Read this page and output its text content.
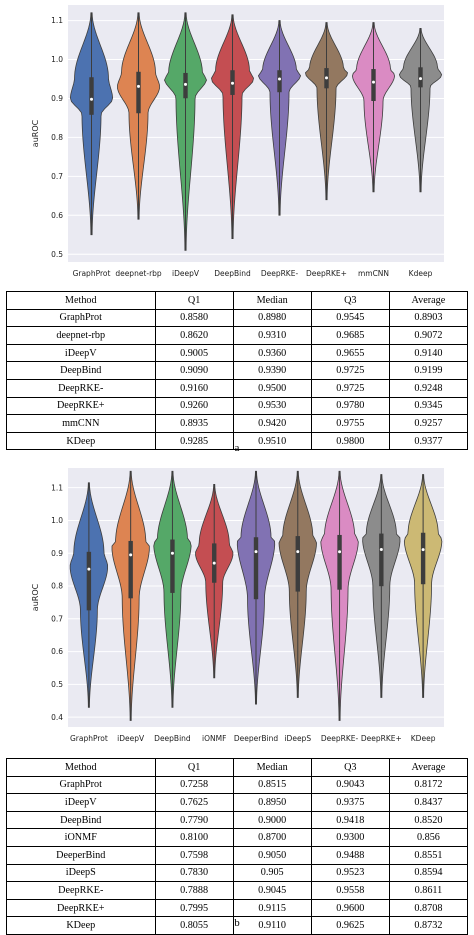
0.5
0.6
0.7
0.8
0.9
1.0
1.1
auROC
GraphProt deepnet-rbp iDeepV DeepBind DeepRKE- DeepRKE+ mmCNN	Kdeep
Method	Q1	Median	Q3	Average
GraphProt	0.8580	0.8980	0.9545	0.8903
deepnet-rbp	0.8620	0.9310	0.9685	0.9072
iDeepV	0.9005	0.9360	0.9655	0.9140
DeepBind	0.9090	0.9390	0.9725	0.9199
DeepRKE-	0.9160	0.9500	0.9725	0.9248
DeepRKE+	0.9260	0.9530	0.9780	0.9345
mmCNN	0.8935	0.9420	0.9755	0.9257
KDeep	0.9285	0.9510	0.9800	0.9377
a
0.4
0.5
0.6
0.7
0.8
0.9
1.0
1.1
auROC
GraphProt iDeepV DeepBind iONMF DeeperBind iDeepS DeepRKE- DeepRKE+ KDeep
Method	Q1	Median	Q3	Average
GraphProt	0.7258	0.8515	0.9043	0.8172
iDeepV	0.7625	0.8950	0.9375	0.8437
DeepBind	0.7790	0.9000	0.9418	0.8520
iONMF	0.8100	0.8700	0.9300	0.856
DeeperBind	0.7598	0.9050	0.9488	0.8551
iDeepS	0.7830	0.905	0.9523	0.8594
DeepRKE-	0.7888	0.9045	0.9558	0.8611
DeepRKE+	0.7995	0.9115	0.9600	0.8708
KDeep	0.8055	0.9110	0.9625	0.8732
b
